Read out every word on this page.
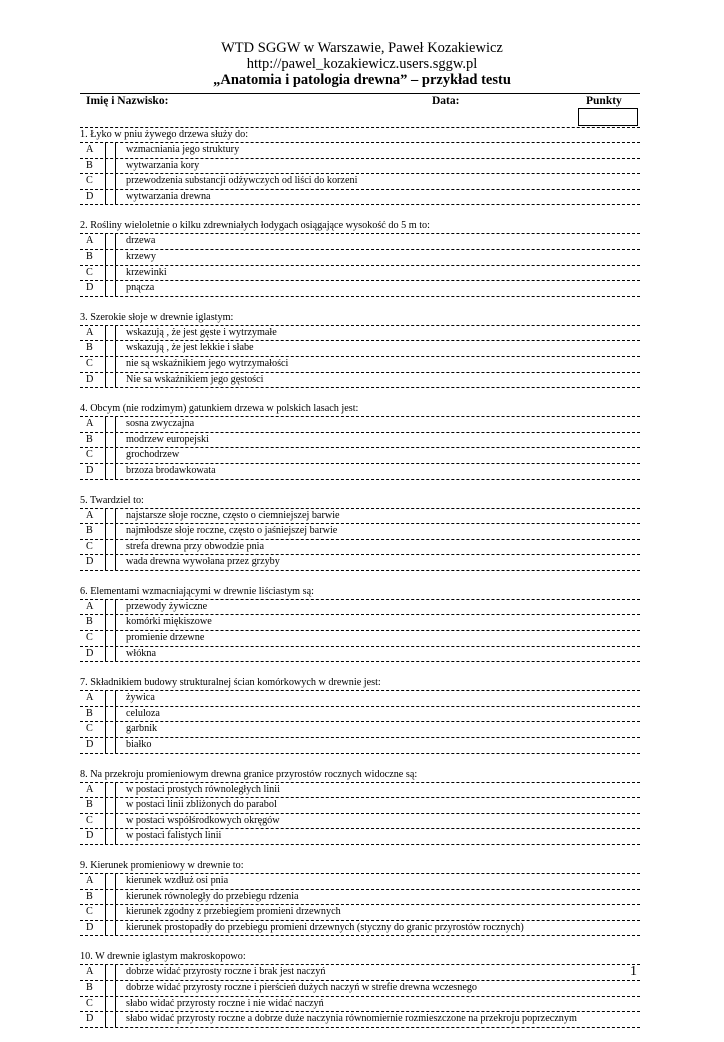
WTD SGGW w Warszawie, Paweł Kozakiewicz
http://pawel_kozakiewicz.users.sggw.pl
„Anatomia i patologia drewna” – przykład testu
Imię i Nazwisko:	Data:	Punkty
1. Łyko w pniu żywego drzewa służy do:
A	wzmacniania jego struktury
B	wytwarzania kory
C	przewodzenia substancji odżywczych od liści do korzeni
D	wytwarzania drewna
2. Rośliny wieloletnie o kilku zdrewniałych łodygach osiągające wysokość do 5 m to:
A	drzewa
B	krzewy
C	krzewinki
D	pnącza
3. Szerokie słoje w drewnie iglastym:
A	wskazują , że jest gęste i wytrzymałe
B	wskazują , że jest lekkie i słabe
C	nie są wskaźnikiem jego wytrzymałości
D	Nie sa wskaźnikiem jego gęstości
4. Obcym (nie rodzimym) gatunkiem drzewa w polskich lasach jest:
A	sosna zwyczajna
B	modrzew europejski
C	grochodrzew
D	brzoza brodawkowata
5. Twardziel to:
A	najstarsze słoje roczne, często o ciemniejszej barwie
B	najmłodsze słoje roczne, często o jaśniejszej barwie
C	strefa drewna przy obwodzie pnia
D	wada drewna wywołana przez grzyby
6. Elementami wzmacniającymi w drewnie liściastym są:
A	przewody żywiczne
B	komórki miękiszowe
C	promienie drzewne
D	włókna
7. Składnikiem budowy strukturalnej ścian komórkowych w drewnie jest:
A	żywica
B	celuloza
C	garbnik
D	białko
8. Na przekroju promieniowym drewna granice przyrostów rocznych widoczne są:
A	w postaci prostych równoległych linii
B	w postaci linii zbliżonych do parabol
C	w postaci współśrodkowych okręgów
D	w postaci falistych linii
9. Kierunek promieniowy w drewnie to:
A	kierunek wzdłuż osi pnia
B	kierunek równoległy do przebiegu rdzenia
C	kierunek zgodny z przebiegiem promieni drzewnych
D	kierunek prostopadły do przebiegu promieni drzewnych (styczny do granic przyrostów rocznych)
10. W drewnie iglastym makroskopowo:
A	dobrze widać przyrosty roczne i brak jest naczyń
B	dobrze widać przyrosty roczne i pierścień dużych naczyń w strefie drewna wczesnego
C	słabo widać przyrosty roczne i nie widać naczyń
D	słabo widać przyrosty roczne a dobrze duże naczynia równomiernie rozmieszczone na przekroju poprzecznym
1
